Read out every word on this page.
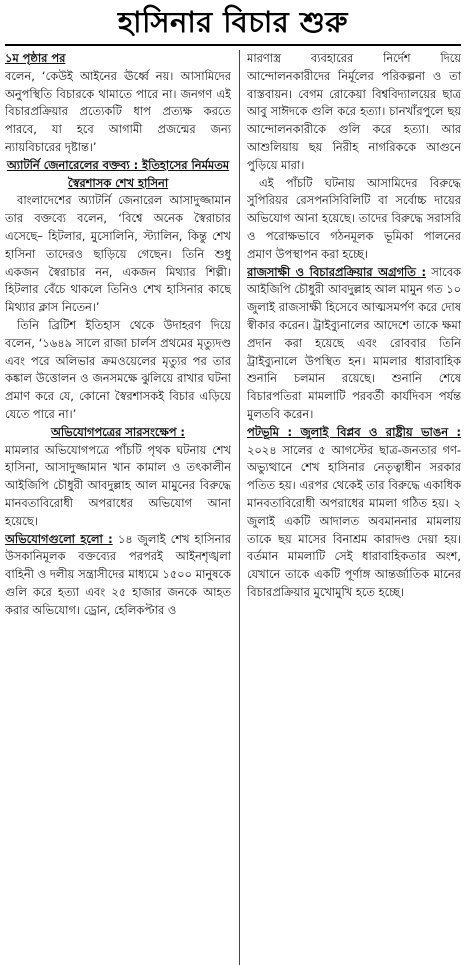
হাসিনার বিচার শুরু

১ম পৃষ্ঠার পর

বলেন, ‘কেউই আইনের ঊর্ধ্বে নয়। আসামিদের অনুপস্থিতি বিচারকে থামাতে পারে না। জনগণ এই বিচারপ্রক্রিয়ার প্রত্যেকটি ধাপ প্রত্যক্ষ করতে পারবে, যা হবে আগামী প্রজন্মের জন্য ন্যায়বিচারের দৃষ্টান্ত।’

অ্যাটর্নি জেনারেলের বক্তব্য : ইতিহাসের নির্মমতম স্বৈরশাসক শেখ হাসিনা

বাংলাদেশের অ্যাটর্নি জেনারেল আসাদুজ্জামান তার বক্তব্যে বলেন, ‘বিশ্বে অনেক স্বৈরাচার এসেছে– হিটলার, মুসোলিনি, স্ট্যালিন, কিন্তু শেখ হাসিনা তাদেরও ছাড়িয়ে গেছেন। তিনি শুধু একজন স্বৈরাচার নন, একজন মিথ্যার শিল্পী। হিটলার বেঁচে থাকলে তিনিও শেখ হাসিনার কাছে মিথ্যার ক্লাস নিতেন।’

তিনি ব্রিটিশ ইতিহাস থেকে উদাহরণ দিয়ে বলেন, ‘১৬৪৯ সালে রাজা চার্লস প্রথমের মৃত্যুদণ্ড এবং পরে অলিভার ক্রমওয়েলের মৃত্যুর পর তার কঙ্কাল উত্তোলন ও জনসমক্ষে ঝুলিয়ে রাখার ঘটনা প্রমাণ করে যে, কোনো স্বৈরশাসকই বিচার এড়িয়ে যেতে পারে না।’

অভিযোগপত্রের সারসংক্ষেপ :

মামলার অভিযোগপত্রে পাঁচটি পৃথক ঘটনায় শেখ হাসিনা, আসাদুজ্জামান খান কামাল ও তৎকালীন আইজিপি চৌধুরী আবদুল্লাহ আল মামুনের বিরুদ্ধে মানবতাবিরোধী অপরাধের অভিযোগ আনা হয়েছে।

অভিযোগগুলো হলো : ১৪ জুলাই শেখ হাসিনার উসকানিমূলক বক্তব্যের পরপরই আইনশৃঙ্খলা বাহিনী ও দলীয় সন্ত্রাসীদের মাধ্যমে ১৫০০ মানুষকে গুলি করে হত্যা এবং ২৫ হাজার জনকে আহত করার অভিযোগ। ড্রোন, হেলিকপ্টার ও

মারণাস্ত্র ব্যবহারের নির্দেশ দিয়ে আন্দোলনকারীদের নির্মূলের পরিকল্পনা ও তা বাস্তবায়ন। বেগম রোকেয়া বিশ্ববিদ্যালয়ের ছাত্র আবু সাঈদকে গুলি করে হত্যা। চানখাঁরপুলে ছয় আন্দোলনকারীকে গুলি করে হত্যা। আর আশুলিয়ায় ছয় নিরীহ নাগরিককে আগুনে পুড়িয়ে মারা।

এই পাঁচটি ঘটনায় আসামিদের বিরুদ্ধে সুপিরিয়র রেসপনসিবিলিটি বা সর্বোচ্চ দায়ের অভিযোগ আনা হয়েছে। তাদের বিরুদ্ধে সরাসরি ও পরোক্ষভাবে গঠনমূলক ভূমিকা পালনের প্রমাণ উপস্থাপন করা হচ্ছে।

রাজসাক্ষী ও বিচারপ্রক্রিয়ার অগ্রগতি : সাবেক আইজিপি চৌধুরী আবদুল্লাহ আল মামুন গত ১০ জুলাই রাজসাক্ষী হিসেবে আত্মসমর্পণ করে দোষ স্বীকার করেন। ট্রাইব্যুনালের আদেশে তাকে ক্ষমা প্রদান করা হয়েছে এবং রোববার তিনি ট্রাইব্যুনালে উপস্থিত হন। মামলার ধারাবাহিক শুনানি চলমান রয়েছে। শুনানি শেষে বিচারপতিরা মামলাটি পরবর্তী কার্যদিবস পর্যন্ত মুলতবি করেন।

পটভূমি : জুলাই বিপ্লব ও রাষ্ট্রীয় ভাঙন : ২০২৪ সালের ৫ আগস্টের ছাত্র-জনতার গণ-অভ্যুত্থানে শেখ হাসিনার নেতৃত্বাধীন সরকার পতিত হয়। এরপর থেকেই তার বিরুদ্ধে একাধিক মানবতাবিরোধী অপরাধের মামলা গঠিত হয়। ২ জুলাই একটি আদালত অবমাননার মামলায় তাকে ছয় মাসের বিনাশ্রম কারাদণ্ড দেয়া হয়। বর্তমান মামলাটি সেই ধারাবাহিকতার অংশ, যেখানে তাকে একটি পূর্ণাঙ্গ আন্তর্জাতিক মানের বিচারপ্রক্রিয়ার মুখোমুখি হতে হচ্ছে।
